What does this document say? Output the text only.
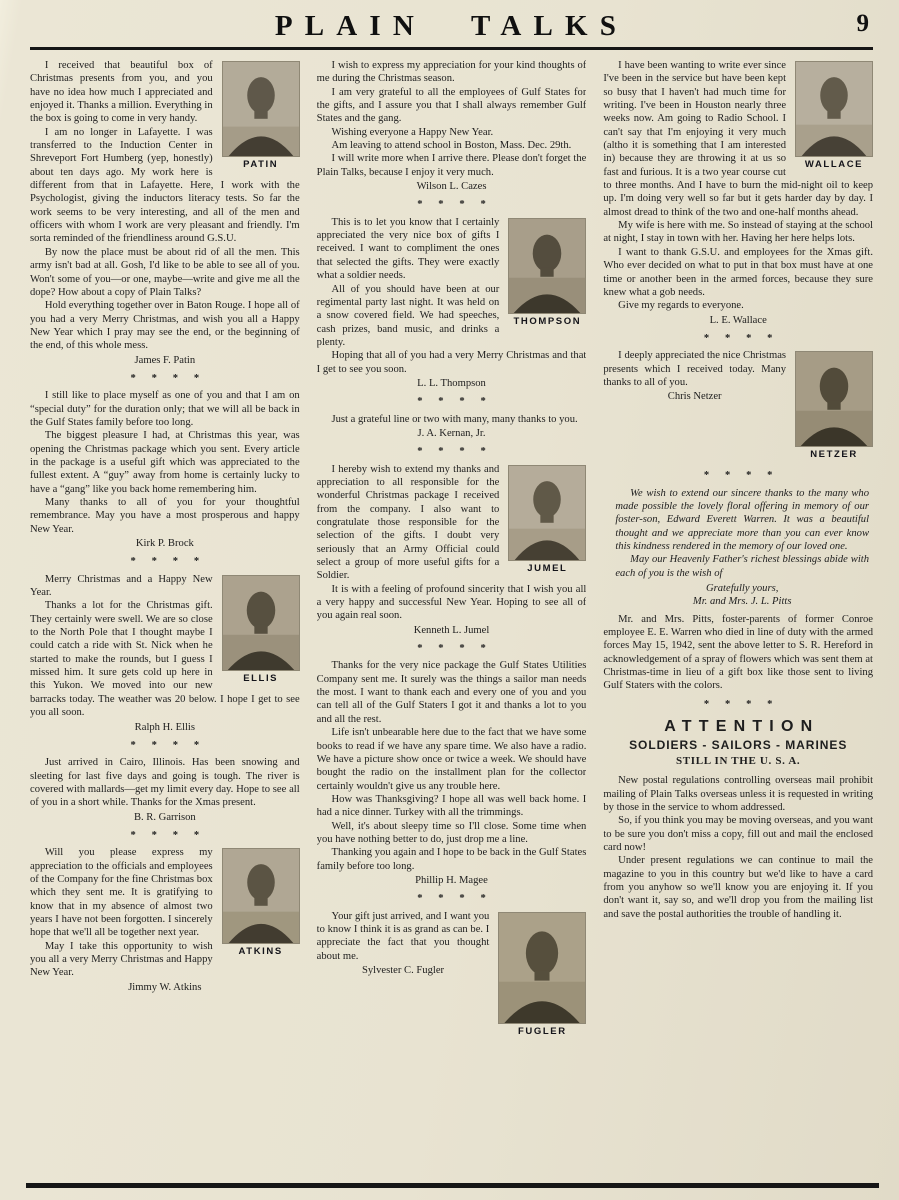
PLAIN TALKS	9
PATIN

I received that beautiful box of Christmas presents from you, and you have no idea how much I appreciated and enjoyed it. Thanks a million. Everything in the box is going to come in very handy.

I am no longer in Lafayette. I was transferred to the Induction Center in Shreveport Fort Humberg (yep, honestly) about ten days ago. My work here is different from that in Lafayette. Here, I work with the Psychologist, giving the inductors literacy tests. So far the work seems to be very interesting, and all of the men and officers with whom I work are very pleasant and friendly. I'm sorta reminded of the friendliness around G.S.U.

By now the place must be about rid of all the men. This army isn't bad at all. Gosh, I'd like to be able to see all of you. Won't some of you—or one, maybe—write and give me all the dope? How about a copy of Plain Talks?

Hold everything together over in Baton Rouge. I hope all of you had a very Merry Christmas, and wish you all a Happy New Year which I pray may see the end, or the beginning of the end, of this whole mess.

James F. Patin

* * * *

I still like to place myself as one of you and that I am on “special duty” for the duration only; that we will all be back in the Gulf States family before too long.

The biggest pleasure I had, at Christmas this year, was opening the Christmas package which you sent. Every article in the package is a useful gift which was appreciated to the fullest extent. A “guy” away from home is certainly lucky to have a “gang” like you back home remembering him.

Many thanks to all of you for your thoughtful remembrance. May you have a most prosperous and happy New Year.

Kirk P. Brock

* * * *
ELLIS

Merry Christmas and a Happy New Year.

Thanks a lot for the Christmas gift. They certainly were swell. We are so close to the North Pole that I thought maybe I could catch a ride with St. Nick when he started to make the rounds, but I guess I missed him. It sure gets cold up here in this Yukon. We moved into our new barracks today. The weather was 20 below. I hope I get to see you all soon.

Ralph H. Ellis

* * * *

Just arrived in Cairo, Illinois. Has been snowing and sleeting for last five days and going is tough. The river is covered with mallards—get my limit every day. Hope to see all of you in a short while. Thanks for the Xmas present.

B. R. Garrison

* * * *
ATKINS

Will you please express my appreciation to the officials and employees of the Company for the fine Christmas box which they sent me. It is gratifying to know that in my absence of almost two years I have not been forgotten. I sincerely hope that we'll all be together next year.

May I take this opportunity to wish you all a very Merry Christmas and Happy New Year.

Jimmy W. Atkins

I wish to express my appreciation for your kind thoughts of me during the Christmas season.

I am very grateful to all the employees of Gulf States for the gifts, and I assure you that I shall always remember Gulf States and the gang.

Wishing everyone a Happy New Year.

Am leaving to attend school in Boston, Mass. Dec. 29th.

I will write more when I arrive there. Please don't forget the Plain Talks, because I enjoy it very much.

Wilson L. Cazes

* * * *
THOMPSON

This is to let you know that I certainly appreciated the very nice box of gifts I received. I want to compliment the ones that selected the gifts. They were exactly what a soldier needs.

All of you should have been at our regimental party last night. It was held on a snow covered field. We had speeches, cash prizes, band music, and drinks a plenty.

Hoping that all of you had a very Merry Christmas and that I get to see you soon.

L. L. Thompson

* * * *

Just a grateful line or two with many, many thanks to you.

J. A. Kernan, Jr.

* * * *
JUMEL

I hereby wish to extend my thanks and appreciation to all responsible for the wonderful Christmas package I received from the company. I also want to congratulate those responsible for the selection of the gifts. I doubt very seriously that an Army Official could select a group of more useful gifts for a Soldier.

It is with a feeling of profound sincerity that I wish you all a very happy and successful New Year. Hoping to see all of you again real soon.

Kenneth L. Jumel

* * * *

Thanks for the very nice package the Gulf States Utilities Company sent me. It surely was the things a sailor man needs the most. I want to thank each and every one of you and you can tell all of the Gulf Staters I got it and thanks a lot to you and all the rest.

Life isn't unbearable here due to the fact that we have some books to read if we have any spare time. We also have a radio. We have a picture show once or twice a week. We should have bought the radio on the installment plan for the collector certainly wouldn't give us any trouble here.

How was Thanksgiving? I hope all was well back home. I had a nice dinner. Turkey with all the trimmings.

Well, it's about sleepy time so I'll close. Some time when you have nothing better to do, just drop me a line.

Thanking you again and I hope to be back in the Gulf States family before too long.

Phillip H. Magee

* * * *
FUGLER

Your gift just arrived, and I want you to know I think it is as grand as can be. I appreciate the fact that you thought about me.

Sylvester C. Fugler

WALLACE

I have been wanting to write ever since I've been in the service but have been kept so busy that I haven't had much time for writing. I've been in Houston nearly three weeks now. Am going to Radio School. I can't say that I'm enjoying it very much (altho it is something that I am interested in) because they are throwing it at us so fast and furious. It is a two year course cut to three months. And I have to burn the mid-night oil to keep up. I'm doing very well so far but it gets harder day by day. I almost dread to think of the two and one-half months ahead.

My wife is here with me. So instead of staying at the school at night, I stay in town with her. Having her here helps lots.

I want to thank G.S.U. and employees for the Xmas gift. Who ever decided on what to put in that box must have at one time or another been in the armed forces, because they sure knew what a gob needs.

Give my regards to everyone.

L. E. Wallace

* * * *
NETZER

I deeply appreciated the nice Christmas presents which I received today. Many thanks to all of you.

Chris Netzer

* * * *

We wish to extend our sincere thanks to the many who made possible the lovely floral offering in memory of our foster-son, Edward Everett Warren. It was a beautiful thought and we appreciate more than you can ever know this kindness rendered in the memory of our loved one.

May our Heavenly Father's richest blessings abide with each of you is the wish of

Gratefully yours,

Mr. and Mrs. J. L. Pitts

Mr. and Mrs. Pitts, foster-parents of former Conroe employee E. E. Warren who died in line of duty with the armed forces May 15, 1942, sent the above letter to S. R. Hereford in acknowledgement of a spray of flowers which was sent them at Christmas-time in lieu of a gift box like those sent to living Gulf Staters with the colors.

* * * *
ATTENTION
SOLDIERS - SAILORS - MARINES
STILL IN THE U. S. A.

New postal regulations controlling overseas mail prohibit mailing of Plain Talks overseas unless it is requested in writing by those in the service to whom addressed.

So, if you think you may be moving overseas, and you want to be sure you don't miss a copy, fill out and mail the enclosed card now!

Under present regulations we can continue to mail the magazine to you in this country but we'd like to have a card from you anyhow so we'll know you are enjoying it. If you don't want it, say so, and we'll drop you from the mailing list and save the postal authorities the trouble of handling it.
